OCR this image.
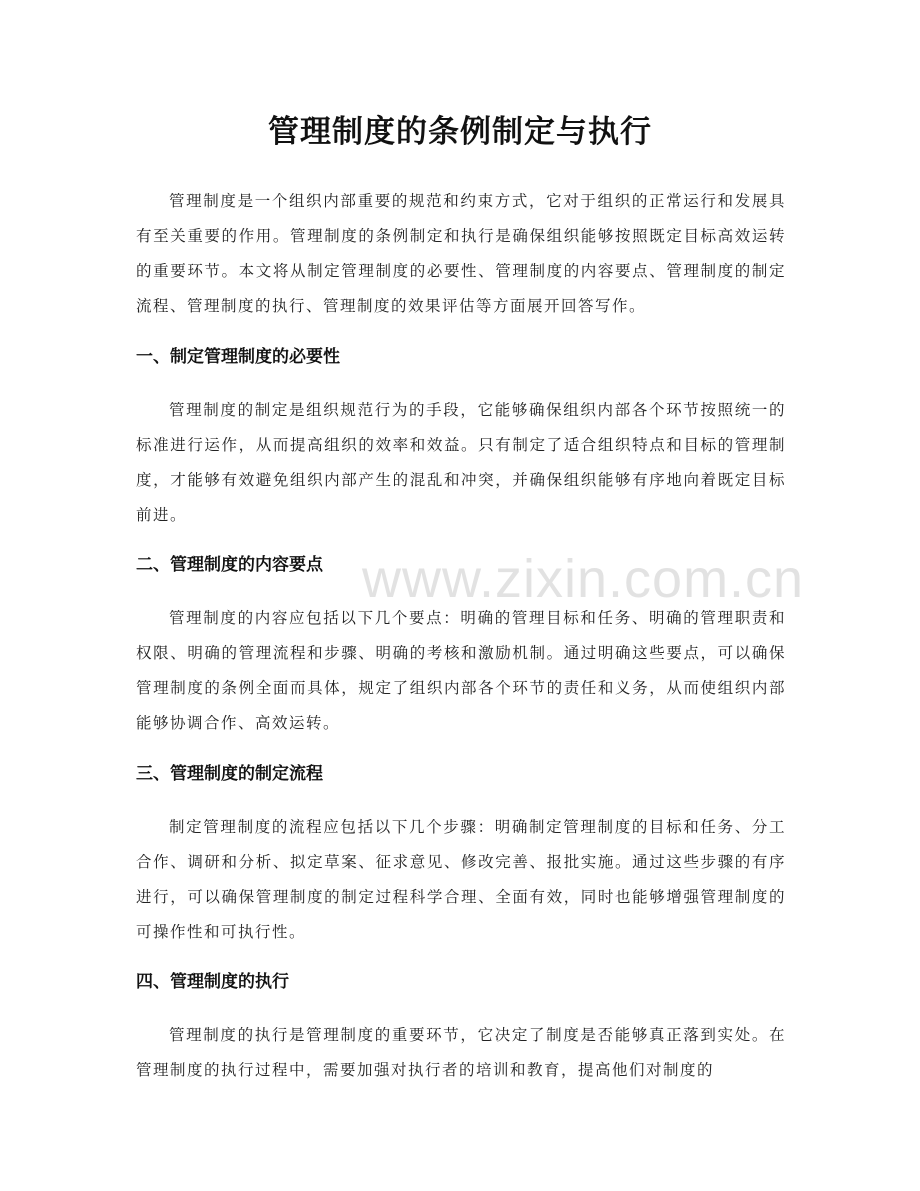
管理制度的条例制定与执行

管理制度是一个组织内部重要的规范和约束方式，它对于组织的正常运行和发展具有至关重要的作用。管理制度的条例制定和执行是确保组织能够按照既定目标高效运转的重要环节。本文将从制定管理制度的必要性、管理制度的内容要点、管理制度的制定流程、管理制度的执行、管理制度的效果评估等方面展开回答写作。

一、制定管理制度的必要性

管理制度的制定是组织规范行为的手段，它能够确保组织内部各个环节按照统一的标准进行运作，从而提高组织的效率和效益。只有制定了适合组织特点和目标的管理制度，才能够有效避免组织内部产生的混乱和冲突，并确保组织能够有序地向着既定目标前进。

二、管理制度的内容要点

管理制度的内容应包括以下几个要点：明确的管理目标和任务、明确的管理职责和权限、明确的管理流程和步骤、明确的考核和激励机制。通过明确这些要点，可以确保管理制度的条例全面而具体，规定了组织内部各个环节的责任和义务，从而使组织内部能够协调合作、高效运转。

三、管理制度的制定流程

制定管理制度的流程应包括以下几个步骤：明确制定管理制度的目标和任务、分工合作、调研和分析、拟定草案、征求意见、修改完善、报批实施。通过这些步骤的有序进行，可以确保管理制度的制定过程科学合理、全面有效，同时也能够增强管理制度的可操作性和可执行性。

四、管理制度的执行

管理制度的执行是管理制度的重要环节，它决定了制度是否能够真正落到实处。在管理制度的执行过程中，需要加强对执行者的培训和教育，提高他们对制度的

www.zixin.com.cn
